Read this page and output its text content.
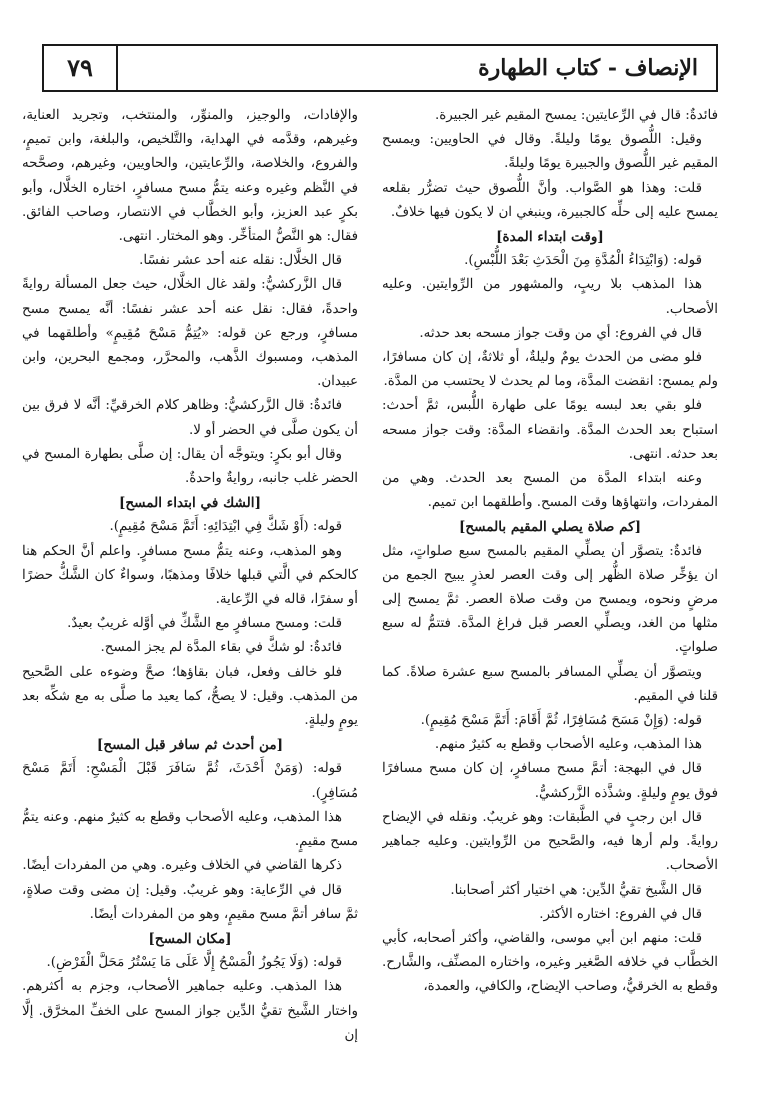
الإنصاف - كتاب الطهارة
٧٩

فائدةٌ: قال في الرِّعايتين: يمسح المقيم غير الجبيرة.

وقيل: اللُّصوق يومًا وليلةً. وقال في الحاويين: ويمسح المقيم غير اللُّصوق والجبيرة يومًا وليلةً.

قلت: وهذا هو الصَّواب. وأنَّ اللُّصوق حيث تضرُّر بقلعه يمسح عليه إلى حلِّه كالجبيرة، وينبغي ان لا يكون فيها خلافٌ.

[وقت ابتداء المدة]

قوله: (وَابْتِدَاءُ الْمُدَّةِ مِنَ الْحَدَثِ بَعْدَ اللُّبْسِ).

هذا المذهب بلا ريبٍ، والمشهور من الرِّوايتين. وعليه الأصحاب.

قال في الفروع: أي من وقت جواز مسحه بعد حدثه.

فلو مضى من الحدث يومٌ وليلةٌ، أو ثلاثةٌ، إن كان مسافرًا، ولم يمسح: انقضت المدَّة، وما لم يحدث لا يحتسب من المدَّة.

فلو بقي بعد لبسه يومًا على طهارة اللُّبس، ثمَّ أحدث: استباح بعد الحدث المدَّة. وانقضاء المدَّة: وقت جواز مسحه بعد حدثه. انتهى.

وعنه ابتداء المدَّة من المسح بعد الحدث. وهي من المفردات، وانتهاؤها وقت المسح. وأطلقهما ابن تميم.

[كم صلاة يصلي المقيم بالمسح]

فائدةٌ: يتصوَّر أن يصلِّي المقيم بالمسح سبع صلواتٍ، مثل ان يؤخِّر صلاة الظُّهر إلى وقت العصر لعذرٍ يبيح الجمع من مرضٍ ونحوه، ويمسح من وقت صلاة العصر. ثمَّ يمسح إلى مثلها من الغد، ويصلِّي العصر قبل فراغ المدَّة. فتتمُّ له سبع صلواتٍ.

ويتصوَّر أن يصلِّي المسافر بالمسح سبع عشرة صلاةً. كما قلنا في المقيم.

قوله: (وَإِنْ مَسَحَ مُسَافِرًا، ثُمَّ أَقَامَ: أَتَمَّ مَسْحَ مُقِيمٍ).

هذا المذهب، وعليه الأصحاب وقطع به كثيرٌ منهم.

قال في البهجة: أتمَّ مسح مسافرٍ، إن كان مسح مسافرًا فوق يومٍ وليلةٍ. وشذَّذه الزَّركشيُّ.

قال ابن رجبٍ في الطَّبقات: وهو غريبٌ. ونقله في الإيضاح روايةً. ولم أرها فيه، والصَّحيح من الرِّوايتين. وعليه جماهير الأصحاب.

قال الشَّيخ تقيُّ الدِّين: هي اختيار أكثر أصحابنا.

قال في الفروع: اختاره الأكثر.

قلت: منهم ابن أبي موسى، والقاضي، وأكثر أصحابه، كأبي الخطَّاب في خلافه الصَّغير وغيره، واختاره المصنِّف، والشَّارح. وقطع به الخرقيُّ، وصاحب الإيضاح، والكافي، والعمدة،

والإفادات، والوجيز، والمنوِّر، والمنتخب، وتجريد العناية، وغيرهم، وقدَّمه في الهداية، والتَّلخيص، والبلغة، وابن تميمٍ، والفروع، والخلاصة، والرِّعايتين، والحاويين، وغيرهم، وصحَّحه في النَّظم وغيره وعنه يتمُّ مسح مسافرٍ، اختاره الخلَّال، وأبو بكرٍ عبد العزيز، وأبو الخطَّاب في الانتصار، وصاحب الفائق. فقال: هو النَّصُّ المتأخِّر. وهو المختار. انتهى.

قال الخلَّال: نقله عنه أحد عشر نفسًا.

قال الزَّركشيُّ: ولقد غال الخلَّال، حيث جعل المسألة روايةً واحدةً، فقال: نقل عنه أحد عشر نفسًا: أنَّه يمسح مسح مسافرٍ، ورجع عن قوله: «يُتِمُّ مَسْحَ مُقِيمٍ» وأطلقهما في المذهب، ومسبوك الذَّهب، والمحرَّر، ومجمع البحرين، وابن عبيدان.

فائدةٌ: قال الزَّركشيُّ: وظاهر كلام الخرقيِّ: أنَّه لا فرق بين أن يكون صلَّى في الحضر أو لا.

وقال أبو بكرٍ: ويتوجَّه أن يقال: إن صلَّى بطهارة المسح في الحضر غلب جانبه، روايةٌ واحدةٌ.

[الشك في ابتداء المسح]

قوله: (أَوْ شَكَّ فِي ابْتِدَائِهِ: أَتَمَّ مَسْحَ مُقِيمٍ).

وهو المذهب، وعنه يتمُّ مسح مسافرٍ. واعلم أنَّ الحكم هنا كالحكم في الَّتي قبلها خلافًا ومذهبًا، وسواءٌ كان الشَّكُّ حضرًا أو سفرًا، قاله في الرِّعاية.

قلت: ومسح مسافرٍ مع الشَّكِّ في أوَّله غريبٌ بعيدٌ.

فائدةٌ: لو شكَّ في بقاء المدَّة لم يجز المسح.

فلو خالف وفعل، فبان بقاؤها؛ صحَّ وضوءه على الصَّحيح من المذهب. وقيل: لا يصحُّ، كما يعيد ما صلَّى به مع شكِّه بعد يومٍ وليلةٍ.

[من أحدث ثم سافر قبل المسح]

قوله: (وَمَنْ أَحْدَثَ، ثُمَّ سَافَرَ قَبْلَ الْمَسْحِ: أَتَمَّ مَسْحَ مُسَافِرٍ).

هذا المذهب، وعليه الأصحاب وقطع به كثيرٌ منهم. وعنه يتمُّ مسح مقيمٍ.

ذكرها القاضي في الخلاف وغيره. وهي من المفردات أيضًا.

قال في الرِّعاية: وهو غريبٌ. وقيل: إن مضى وقت صلاةٍ، ثمَّ سافر أتمَّ مسح مقيمٍ، وهو من المفردات أيضًا.

[مكان المسح]

قوله: (وَلَا يَجُوزُ الْمَسْحُ إِلَّا عَلَى مَا يَسْتُرُ مَحَلَّ الْفَرْضِ).

هذا المذهب. وعليه جماهير الأصحاب، وجزم به أكثرهم. واختار الشَّيخ تقيُّ الدِّين جواز المسح على الخفِّ المخرَّق. إلَّا إن
